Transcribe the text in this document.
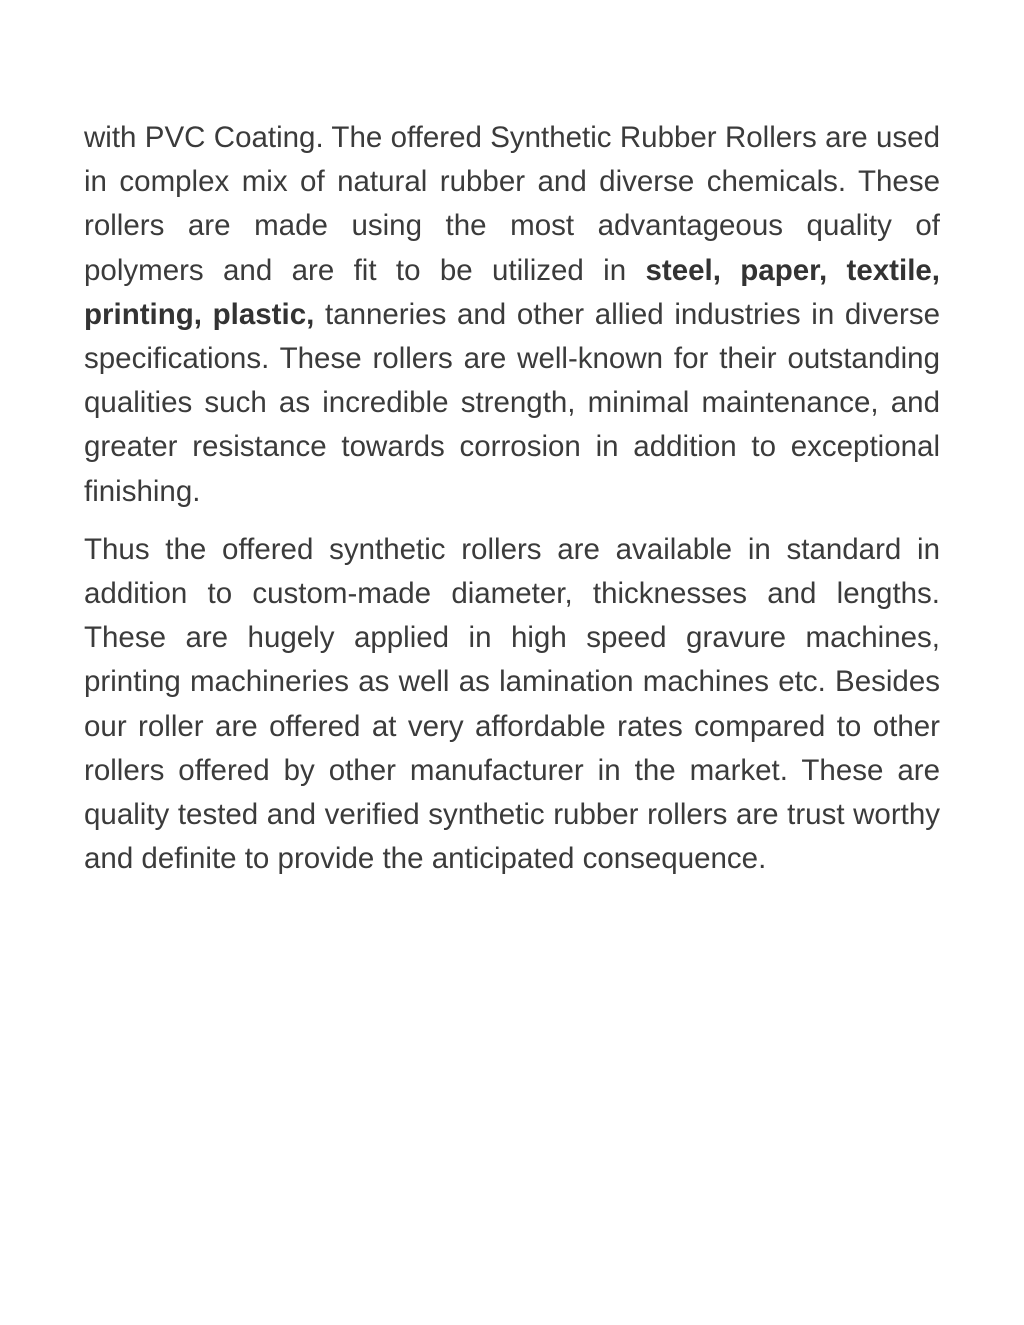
with PVC Coating. The offered Synthetic Rubber Rollers are used in complex mix of natural rubber and diverse chemicals. These rollers are made using the most advantageous quality of polymers and are fit to be utilized in steel, paper, textile, printing, plastic, tanneries and other allied industries in diverse specifications. These rollers are well-known for their outstanding qualities such as incredible strength, minimal maintenance, and greater resistance towards corrosion in addition to exceptional finishing.

Thus the offered synthetic rollers are available in standard in addition to custom-made diameter, thicknesses and lengths. These are hugely applied in high speed gravure machines, printing machineries as well as lamination machines etc. Besides our roller are offered at very affordable rates compared to other rollers offered by other manufacturer in the market. These are quality tested and verified synthetic rubber rollers are trust worthy and definite to provide the anticipated consequence.
